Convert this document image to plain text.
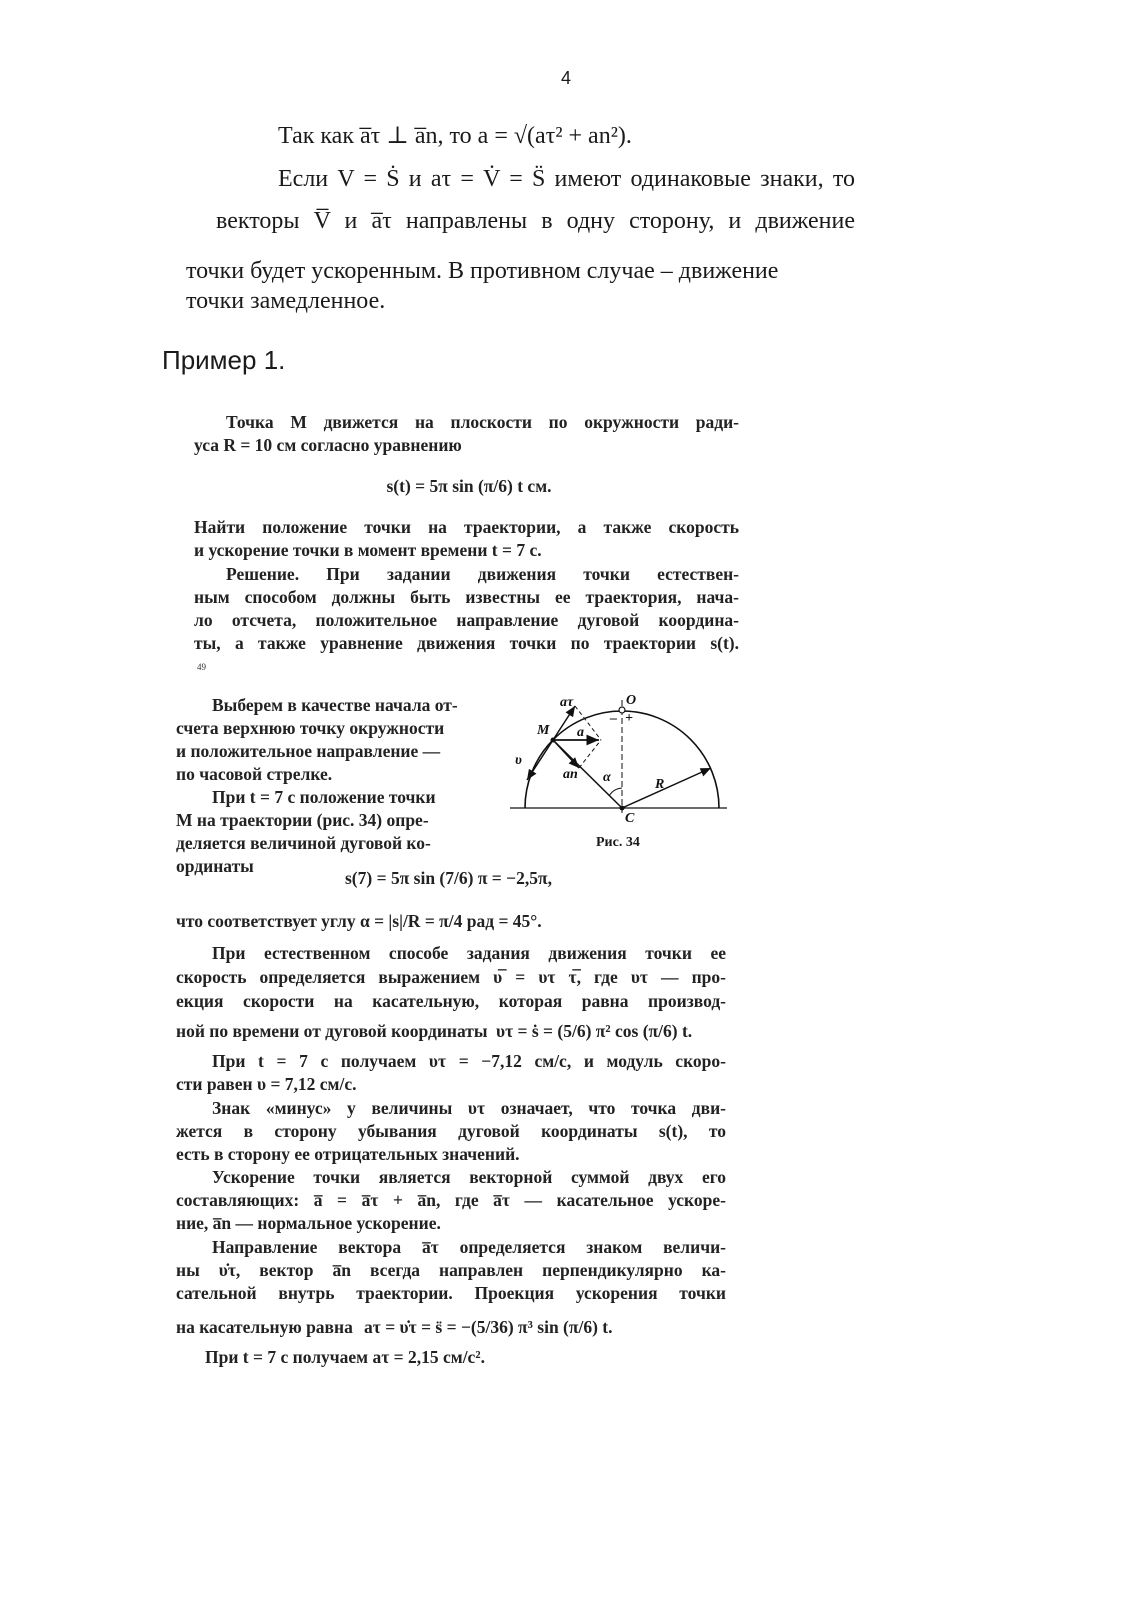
4
Так как a̅τ ⊥ a̅n, то a = √(aτ² + an²).
Если V = Ṡ и aτ = V̇ = S̈ имеют одинаковые знаки, то
векторы V̅ и a̅τ направлены в одну сторону, и движение
точки будет ускоренным. В противном случае – движение
точки замедленное.
Пример 1.
Точка M движется на плоскости по окружности ради-
уса R = 10 см согласно уравнению
s(t) = 5π sin (π/6) t см.
Найти положение точки на траектории, а также скорость
и ускорение точки в момент времени t = 7 с.
Решение. При задании движения точки естествен-
ным способом должны быть известны ее траектория, нача-
ло отсчета, положительное направление дуговой координа-
ты, а также уравнение движения точки по траектории s(t).
49
Выберем в качестве начала от-
счета верхнюю точку окружности
и положительное направление —
по часовой стрелке.
При t = 7 с положение точки
M на траектории (рис. 34) опре-
деляется величиной дуговой ко-
ординаты
O
M
C
R
a
aτ
an
υ
α
– +
Рис. 34
s(7) = 5π sin (7/6) π = −2,5π,
что соответствует углу α = |s|/R = π/4 рад = 45°.
При естественном способе задания движения точки ее
скорость определяется выражением υ̅ = υτ τ̅, где υτ — про-
екция скорости на касательную, которая равна производ-
ной по времени от дуговой координаты υτ = ṡ = (5/6) π² cos (π/6) t.
При t = 7 с получаем υτ = −7,12 см/с, и модуль скоро-
сти равен υ = 7,12 см/с.
Знак «минус» у величины υτ означает, что точка дви-
жется в сторону убывания дуговой координаты s(t), то
есть в сторону ее отрицательных значений.
Ускорение точки является векторной суммой двух его
составляющих: a̅ = a̅τ + a̅n, где a̅τ — касательное ускоре-
ние, a̅n — нормальное ускорение.
Направление вектора a̅τ определяется знаком величи-
ны υ̇τ, вектор a̅n всегда направлен перпендикулярно ка-
сательной внутрь траектории. Проекция ускорения точки
на касательную равна aτ = υ̇τ = s̈ = −(5/36) π³ sin (π/6) t.
При t = 7 с получаем aτ = 2,15 см/с².
